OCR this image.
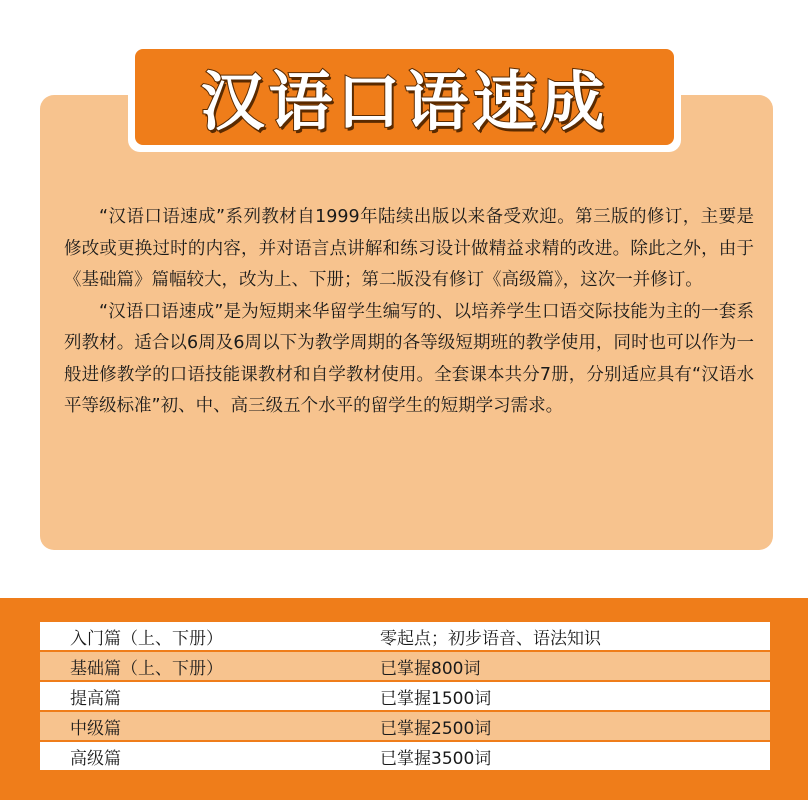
汉语口语速成

“汉语口语速成”系列教材自1999年陆续出版以来备受欢迎。第三版的修订，主要是修改或更换过时的内容，并对语言点讲解和练习设计做精益求精的改进。除此之外，由于《基础篇》篇幅较大，改为上、下册；第二版没有修订《高级篇》，这次一并修订。

“汉语口语速成”是为短期来华留学生编写的、以培养学生口语交际技能为主的一套系列教材。适合以6周及6周以下为教学周期的各等级短期班的教学使用，同时也可以作为一般进修教学的口语技能课教材和自学教材使用。全套课本共分7册，分别适应具有“汉语水平等级标准”初、中、高三级五个水平的留学生的短期学习需求。

入门篇（上、下册）	零起点；初步语音、语法知识
基础篇（上、下册）	已掌握800词
提高篇	已掌握1500词
中级篇	已掌握2500词
高级篇	已掌握3500词
